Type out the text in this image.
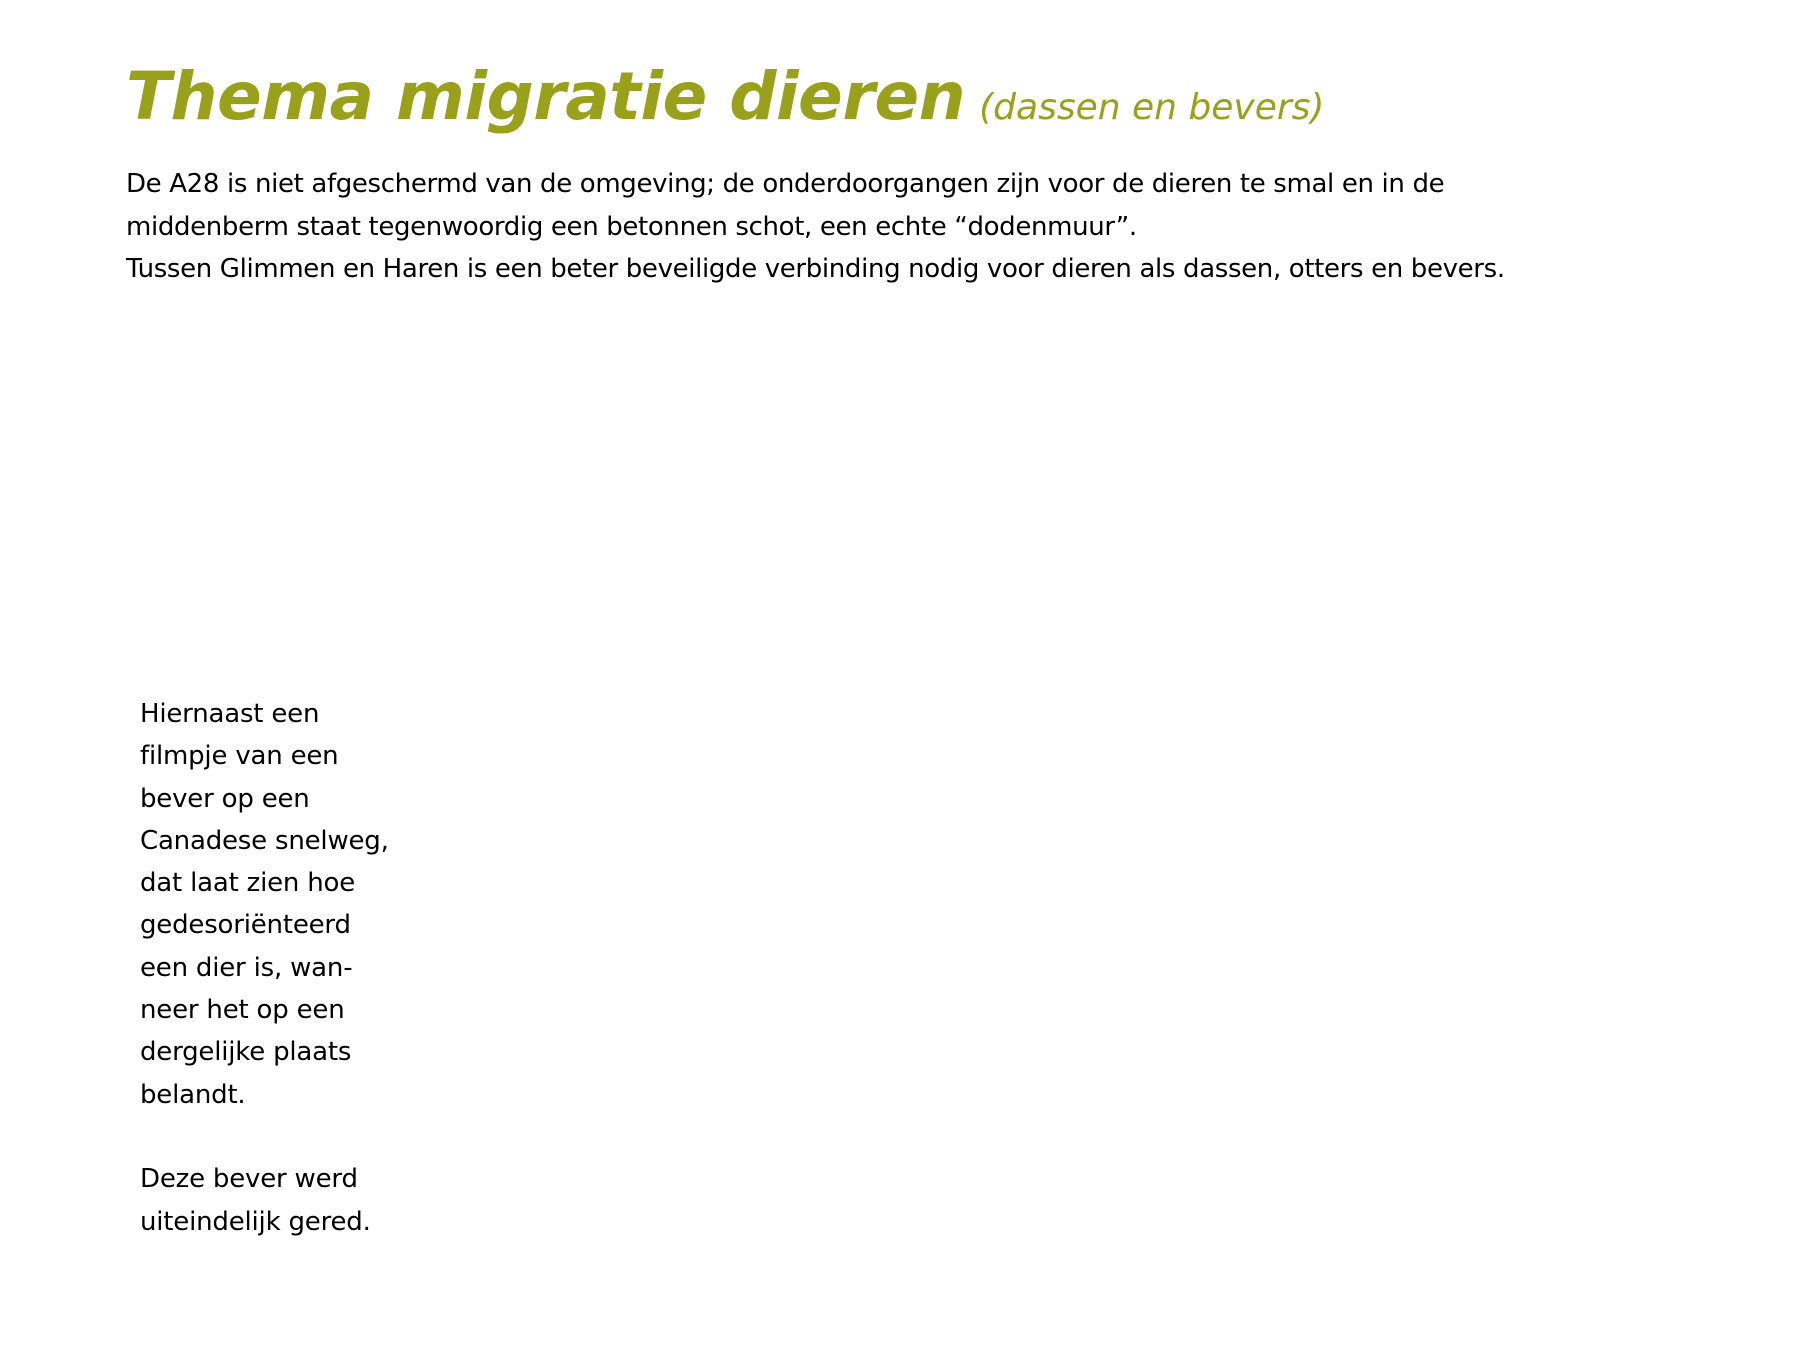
Thema migratie dieren (dassen en bevers)

De A28 is niet afgeschermd van de omgeving; de onderdoorgangen zijn voor de dieren te smal en in de

middenberm staat tegenwoordig een betonnen schot, een echte “dodenmuur”.

Tussen Glimmen en Haren is een beter beveiligde verbinding nodig voor dieren als dassen, otters en bevers.

Hiernaast een

filmpje van een

bever op een

Canadese snelweg,

dat laat zien hoe

gedesoriënteerd

een dier is, wan-

neer het op een

dergelijke plaats

belandt.

Deze bever werd

uiteindelijk gered.
